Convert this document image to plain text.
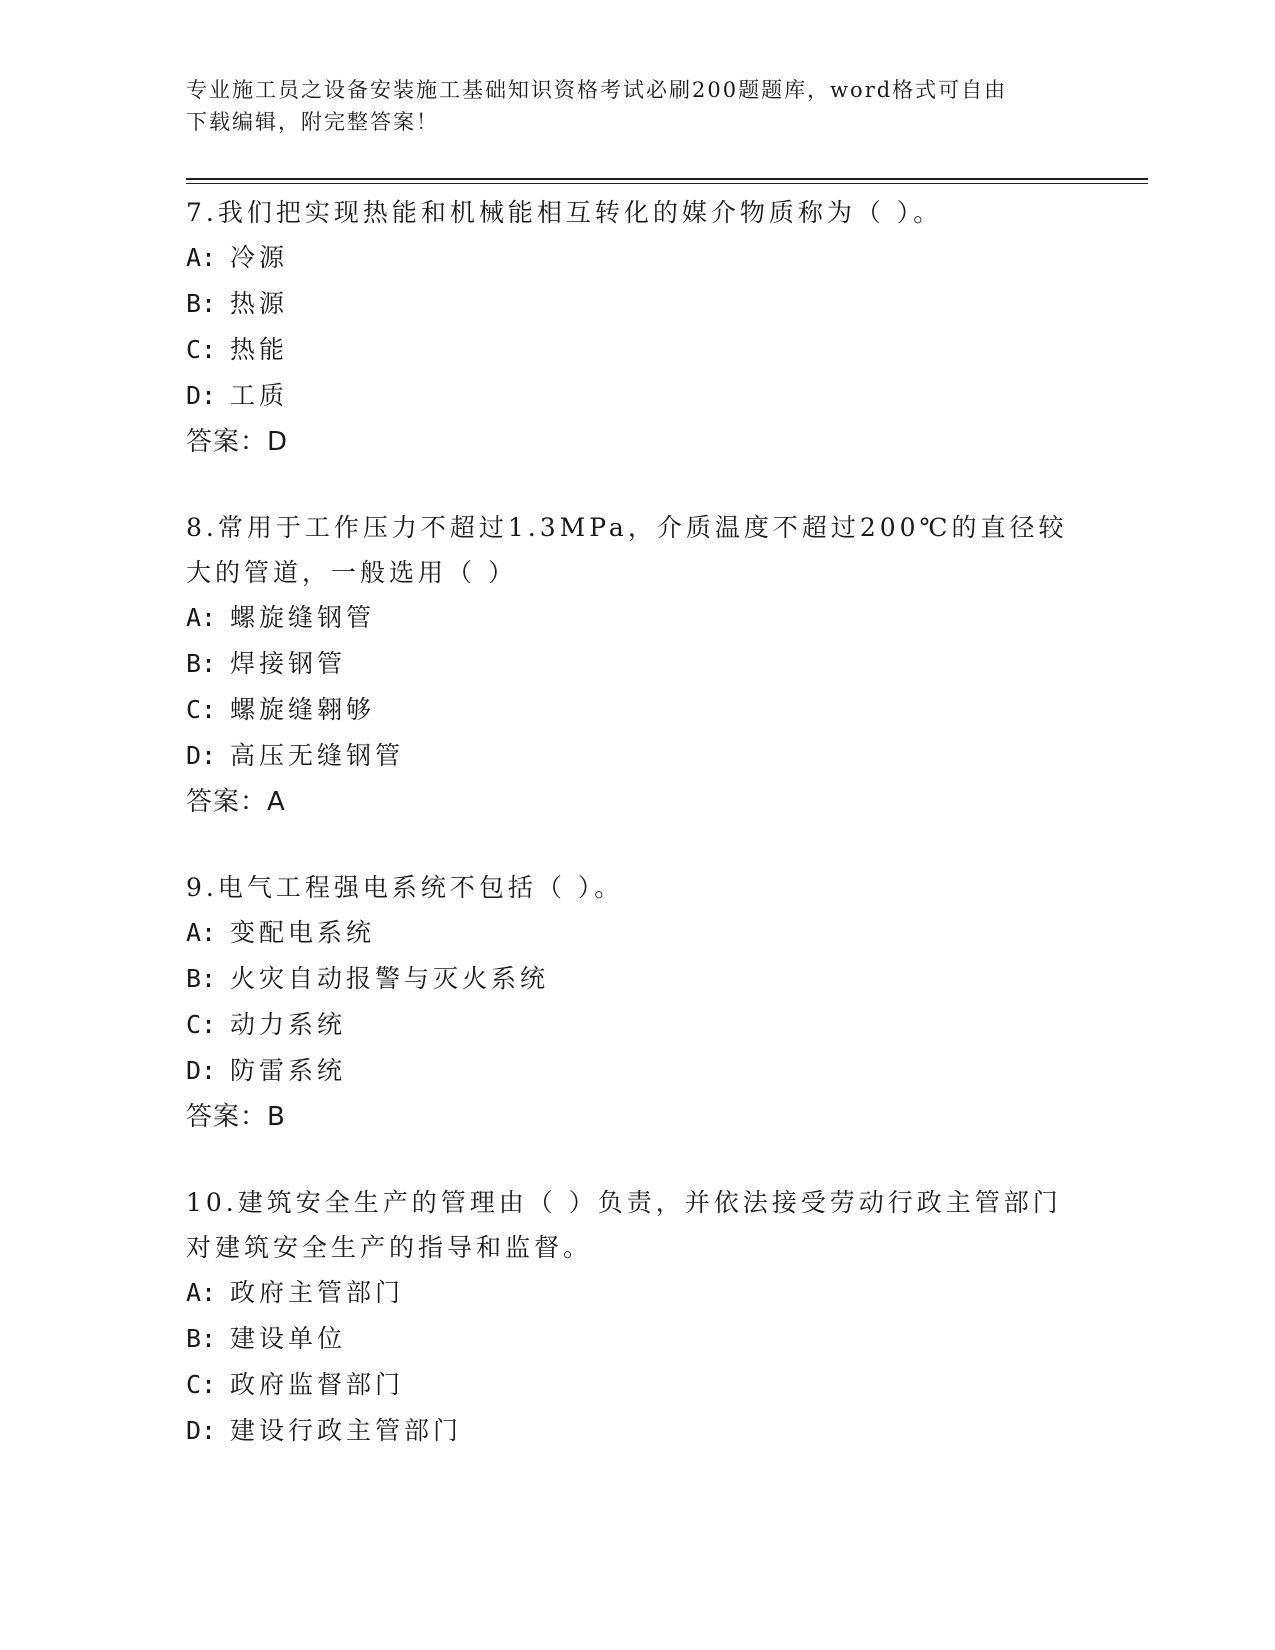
专业施工员之设备安装施工基础知识资格考试必刷200题题库，word格式可自由
下载编辑，附完整答案！
7.我们把实现热能和机械能相互转化的媒介物质称为（ ）。
A: 冷源
B: 热源
C: 热能
D: 工质
答案：D
8.常用于工作压力不超过1.3MPa，介质温度不超过200℃的直径较大的管道，一般选用（ ）
A: 螺旋缝钢管
B: 焊接钢管
C: 螺旋缝翱够
D: 高压无缝钢管
答案：A
9.电气工程强电系统不包括（ ）。
A: 变配电系统
B: 火灾自动报警与灭火系统
C: 动力系统
D: 防雷系统
答案：B
10.建筑安全生产的管理由（ ）负责，并依法接受劳动行政主管部门对建筑安全生产的指导和监督。
A: 政府主管部门
B: 建设单位
C: 政府监督部门
D: 建设行政主管部门
